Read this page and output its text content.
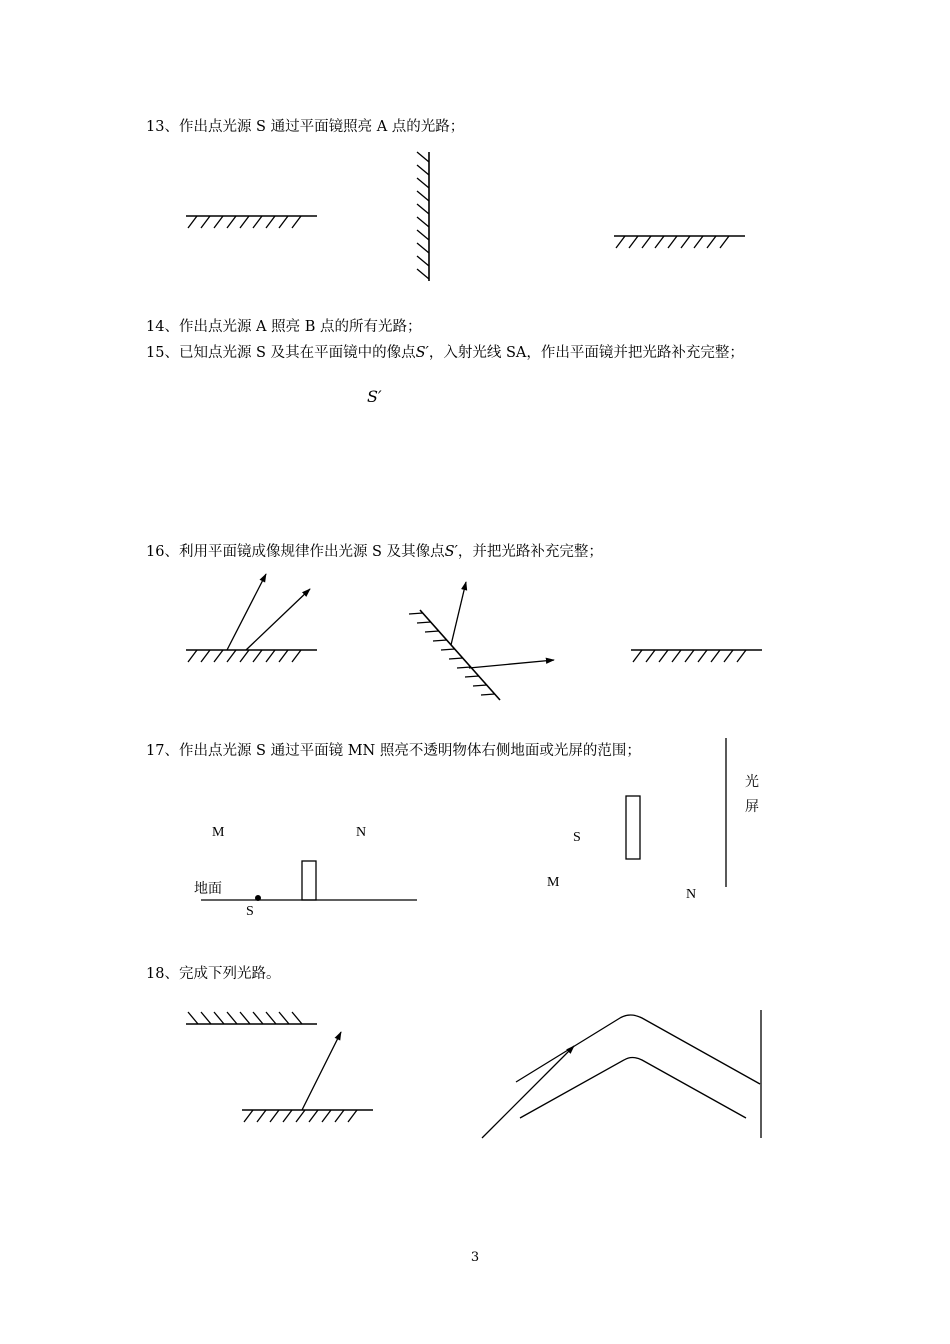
13、作出点光源 S 通过平面镜照亮 A 点的光路；
14、作出点光源 A 照亮 B 点的所有光路；
15、已知点光源 S 及其在平面镜中的像点S′，入射光线 SA，作出平面镜并把光路补充完整；
S′
16、利用平面镜成像规律作出光源 S 及其像点S′，并把光路补充完整；
17、作出点光源 S 通过平面镜 MN 照亮不透明物体右侧地面或光屏的范围；
18、完成下列光路。
M	N
地面
S
光
屏
S
M
N
3
